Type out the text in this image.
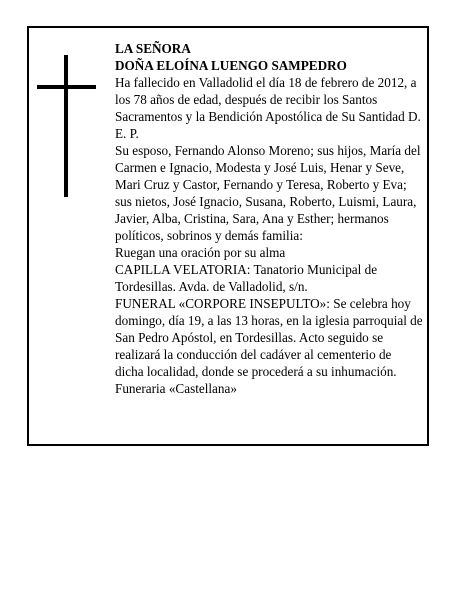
LA SEÑORA

DOÑA ELOÍNA LUENGO SAMPEDRO

Ha fallecido en Valladolid el día 18 de febrero de 2012, a los 78 años de edad, después de recibir los Santos Sacramentos y la Bendición Apostólica de Su Santidad D. E. P.

Su esposo, Fernando Alonso Moreno; sus hijos, María del Carmen e Ignacio, Modesta y José Luis, Henar y Seve, Mari Cruz y Castor, Fernando y Teresa, Roberto y Eva; sus nietos, José Ignacio, Susana, Roberto, Luismi, Laura, Javier, Alba, Cristina, Sara, Ana y Esther; hermanos políticos, sobrinos y demás familia:

Ruegan una oración por su alma

CAPILLA VELATORIA: Tanatorio Municipal de Tordesillas. Avda. de Valladolid, s/n.

FUNERAL «CORPORE INSEPULTO»: Se celebra hoy domingo, día 19, a las 13 horas, en la iglesia parroquial de San Pedro Apóstol, en Tordesillas. Acto seguido se realizará la conducción del cadáver al cementerio de dicha localidad, donde se procederá a su inhumación.

Funeraria «Castellana»
